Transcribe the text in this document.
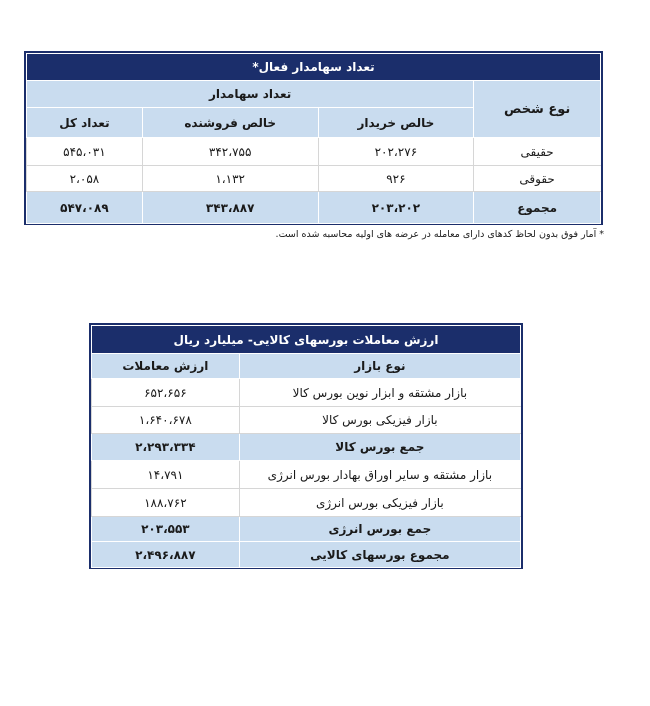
تعداد سهامدار فعال*			
نوع شخص	تعداد سهامدار		
	خالص خریدار	خالص فروشنده	تعداد کل
حقیقی	۲۰۲،۲۷۶	۳۴۲،۷۵۵	۵۴۵،۰۳۱
حقوقی	۹۲۶	۱،۱۳۲	۲،۰۵۸
مجموع	۲۰۳،۲۰۲	۳۴۳،۸۸۷	۵۴۷،۰۸۹
* آمار فوق بدون لحاظ کدهای دارای معامله در عرضه های اولیه محاسبه شده است.
ارزش معاملات بورسهای کالایی- میلیارد ریال	
نوع بازار	ارزش معاملات
بازار مشتقه و ابزار نوین بورس کالا	۶۵۲،۶۵۶
بازار فیزیکی بورس کالا	۱،۶۴۰،۶۷۸
جمع بورس کالا	۲،۲۹۳،۳۳۴
بازار مشتقه و سایر اوراق بهادار بورس انرژی	۱۴،۷۹۱
بازار فیزیکی بورس انرژی	۱۸۸،۷۶۲
جمع بورس انرژی	۲۰۳،۵۵۳
مجموع بورسهای کالایی	۲،۴۹۶،۸۸۷
